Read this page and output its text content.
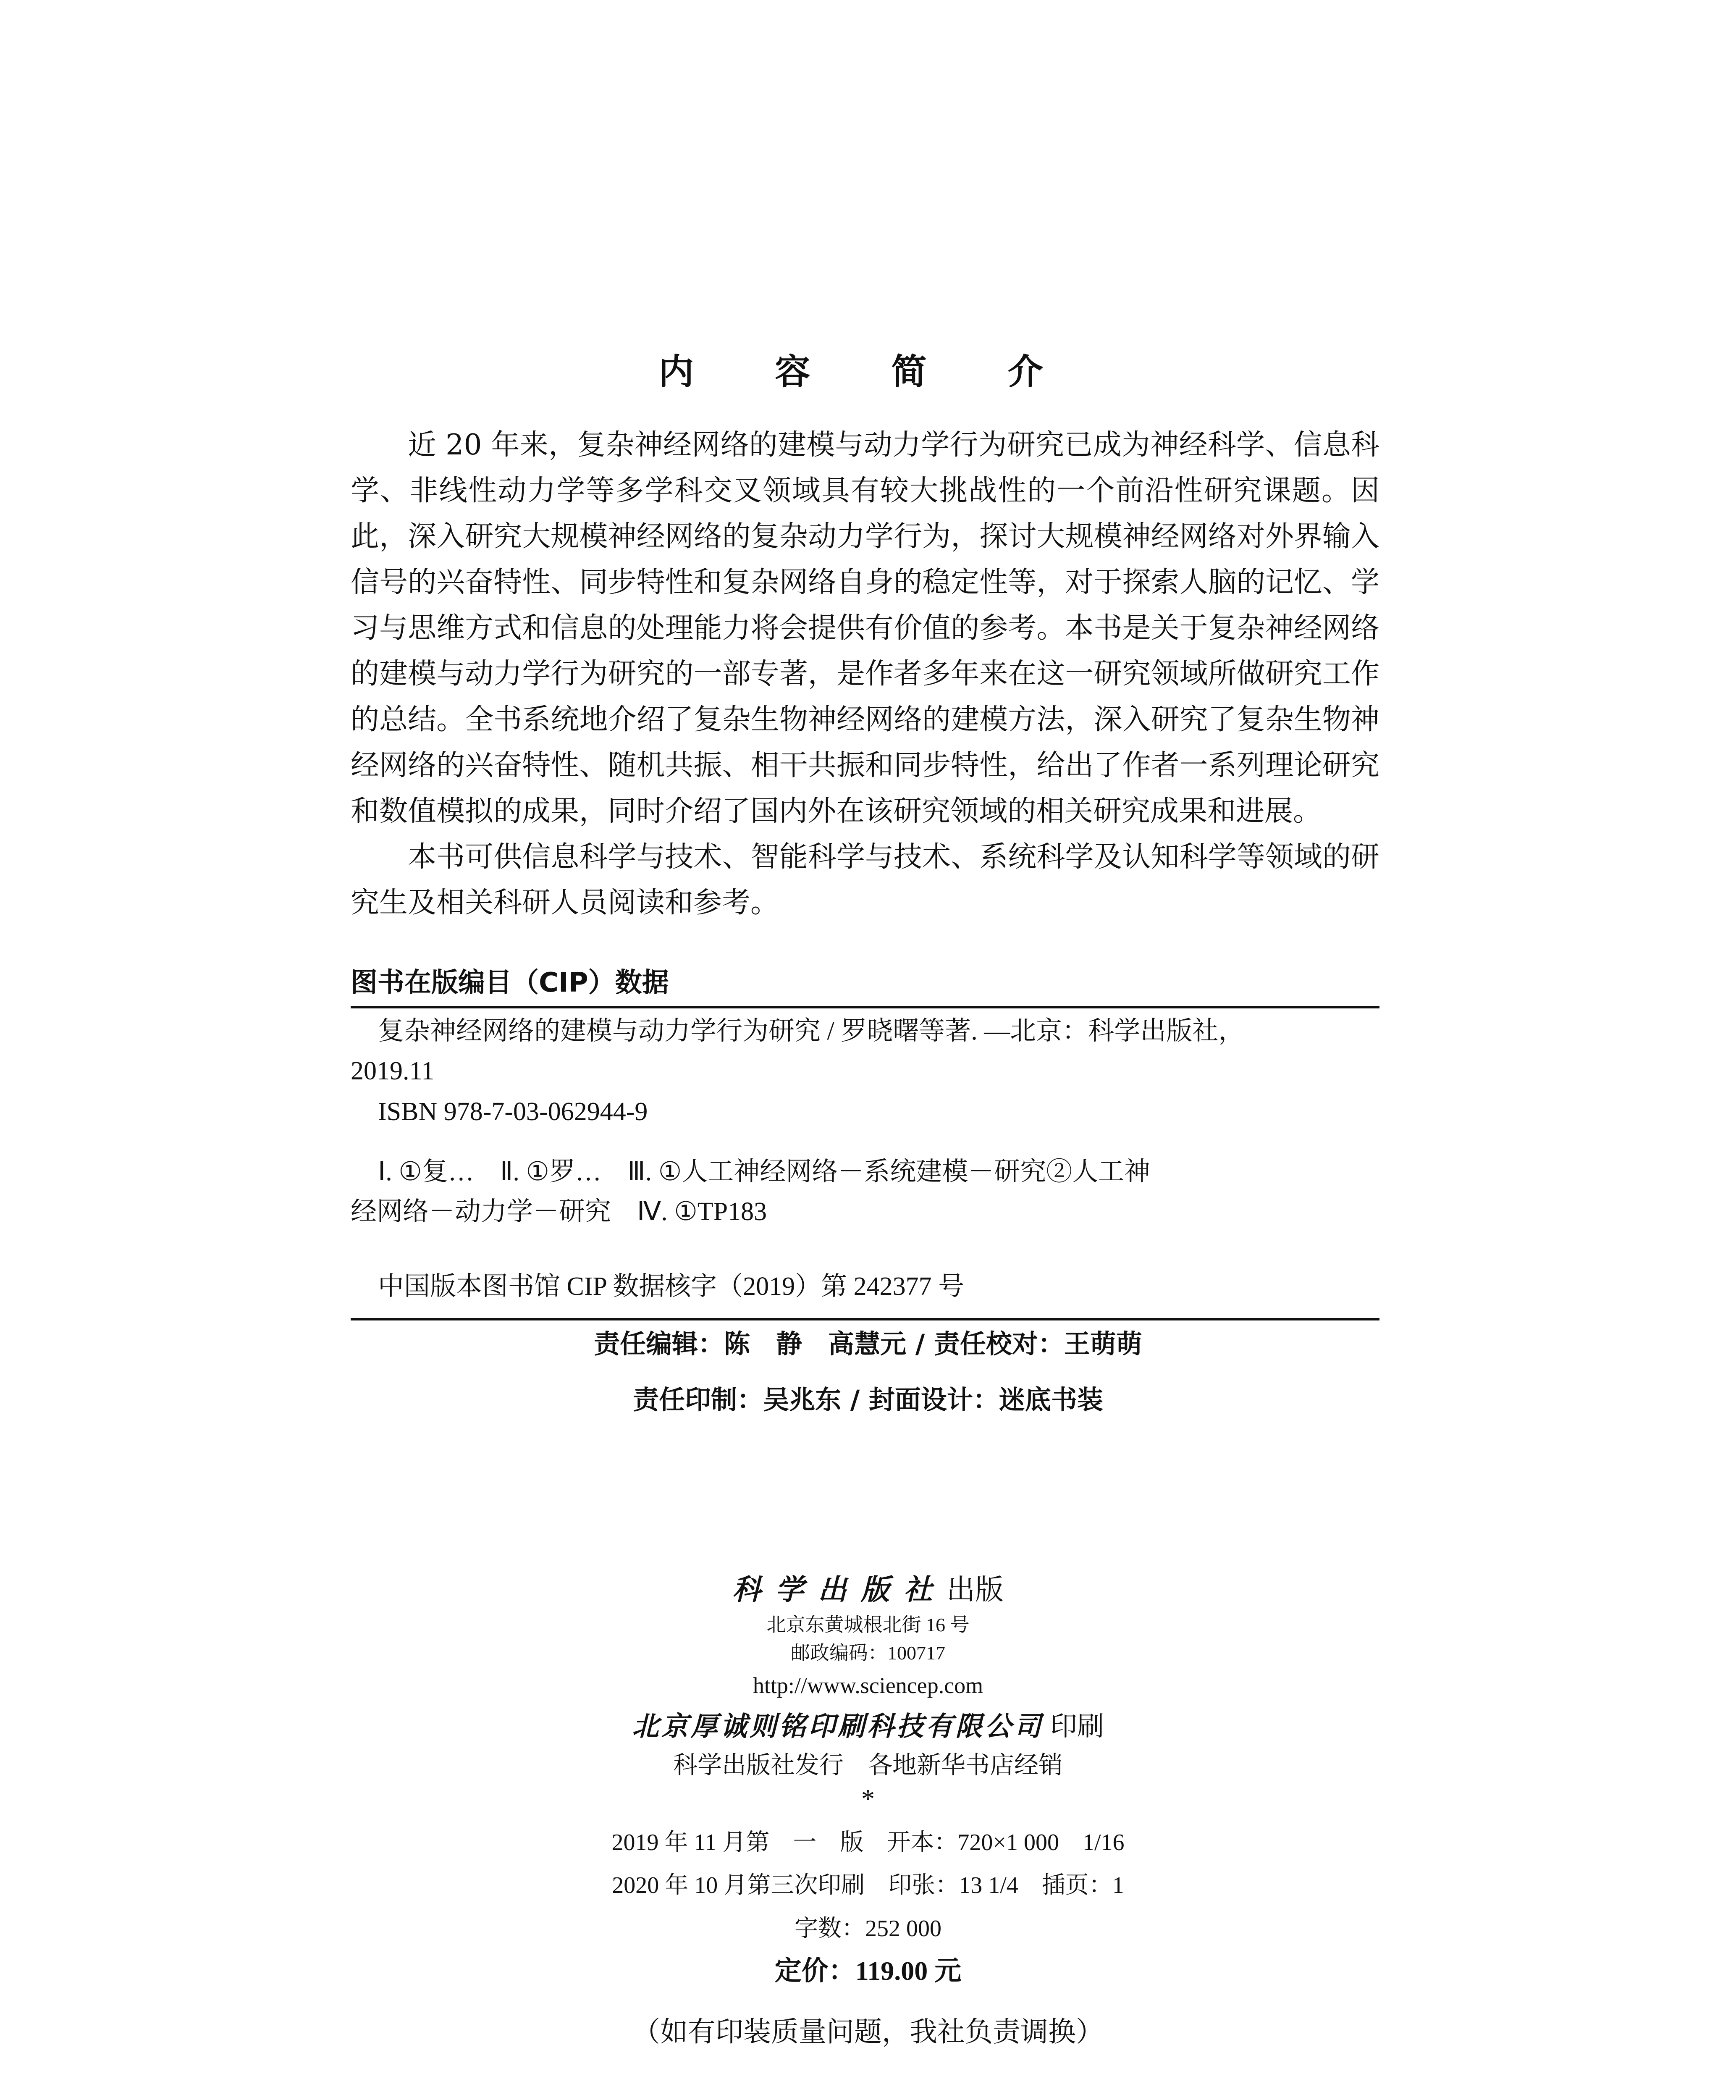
内 容 简 介

近 20 年来，复杂神经网络的建模与动力学行为研究已成为神经科学、信息科学、非线性动力学等多学科交叉领域具有较大挑战性的一个前沿性研究课题。因此，深入研究大规模神经网络的复杂动力学行为，探讨大规模神经网络对外界输入信号的兴奋特性、同步特性和复杂网络自身的稳定性等，对于探索人脑的记忆、学习与思维方式和信息的处理能力将会提供有价值的参考。本书是关于复杂神经网络的建模与动力学行为研究的一部专著，是作者多年来在这一研究领域所做研究工作的总结。全书系统地介绍了复杂生物神经网络的建模方法，深入研究了复杂生物神经网络的兴奋特性、随机共振、相干共振和同步特性，给出了作者一系列理论研究和数值模拟的成果，同时介绍了国内外在该研究领域的相关研究成果和进展。

本书可供信息科学与技术、智能科学与技术、系统科学及认知科学等领域的研究生及相关科研人员阅读和参考。

图书在版编目（CIP）数据
复杂神经网络的建模与动力学行为研究 / 罗晓曙等著. —北京：科学出版社，
2019.11
ISBN 978-7-03-062944-9
Ⅰ. ①复…　Ⅱ. ①罗…　Ⅲ. ①人工神经网络－系统建模－研究②人工神
经网络－动力学－研究　Ⅳ. ①TP183
中国版本图书馆 CIP 数据核字（2019）第 242377 号
责任编辑：陈　静　高慧元 / 责任校对：王萌萌
责任印制：吴兆东 / 封面设计：迷底书装
科学出版社出版
北京东黄城根北街 16 号
邮政编码：100717
http://www.sciencep.com
北京厚诚则铭印刷科技有限公司 印刷
科学出版社发行　各地新华书店经销
*
2019 年 11 月第　一　版　开本：720×1 000　1/16
2020 年 10 月第三次印刷　印张：13 1/4　插页：1
字数：252 000
定价：119.00 元
（如有印装质量问题，我社负责调换）
